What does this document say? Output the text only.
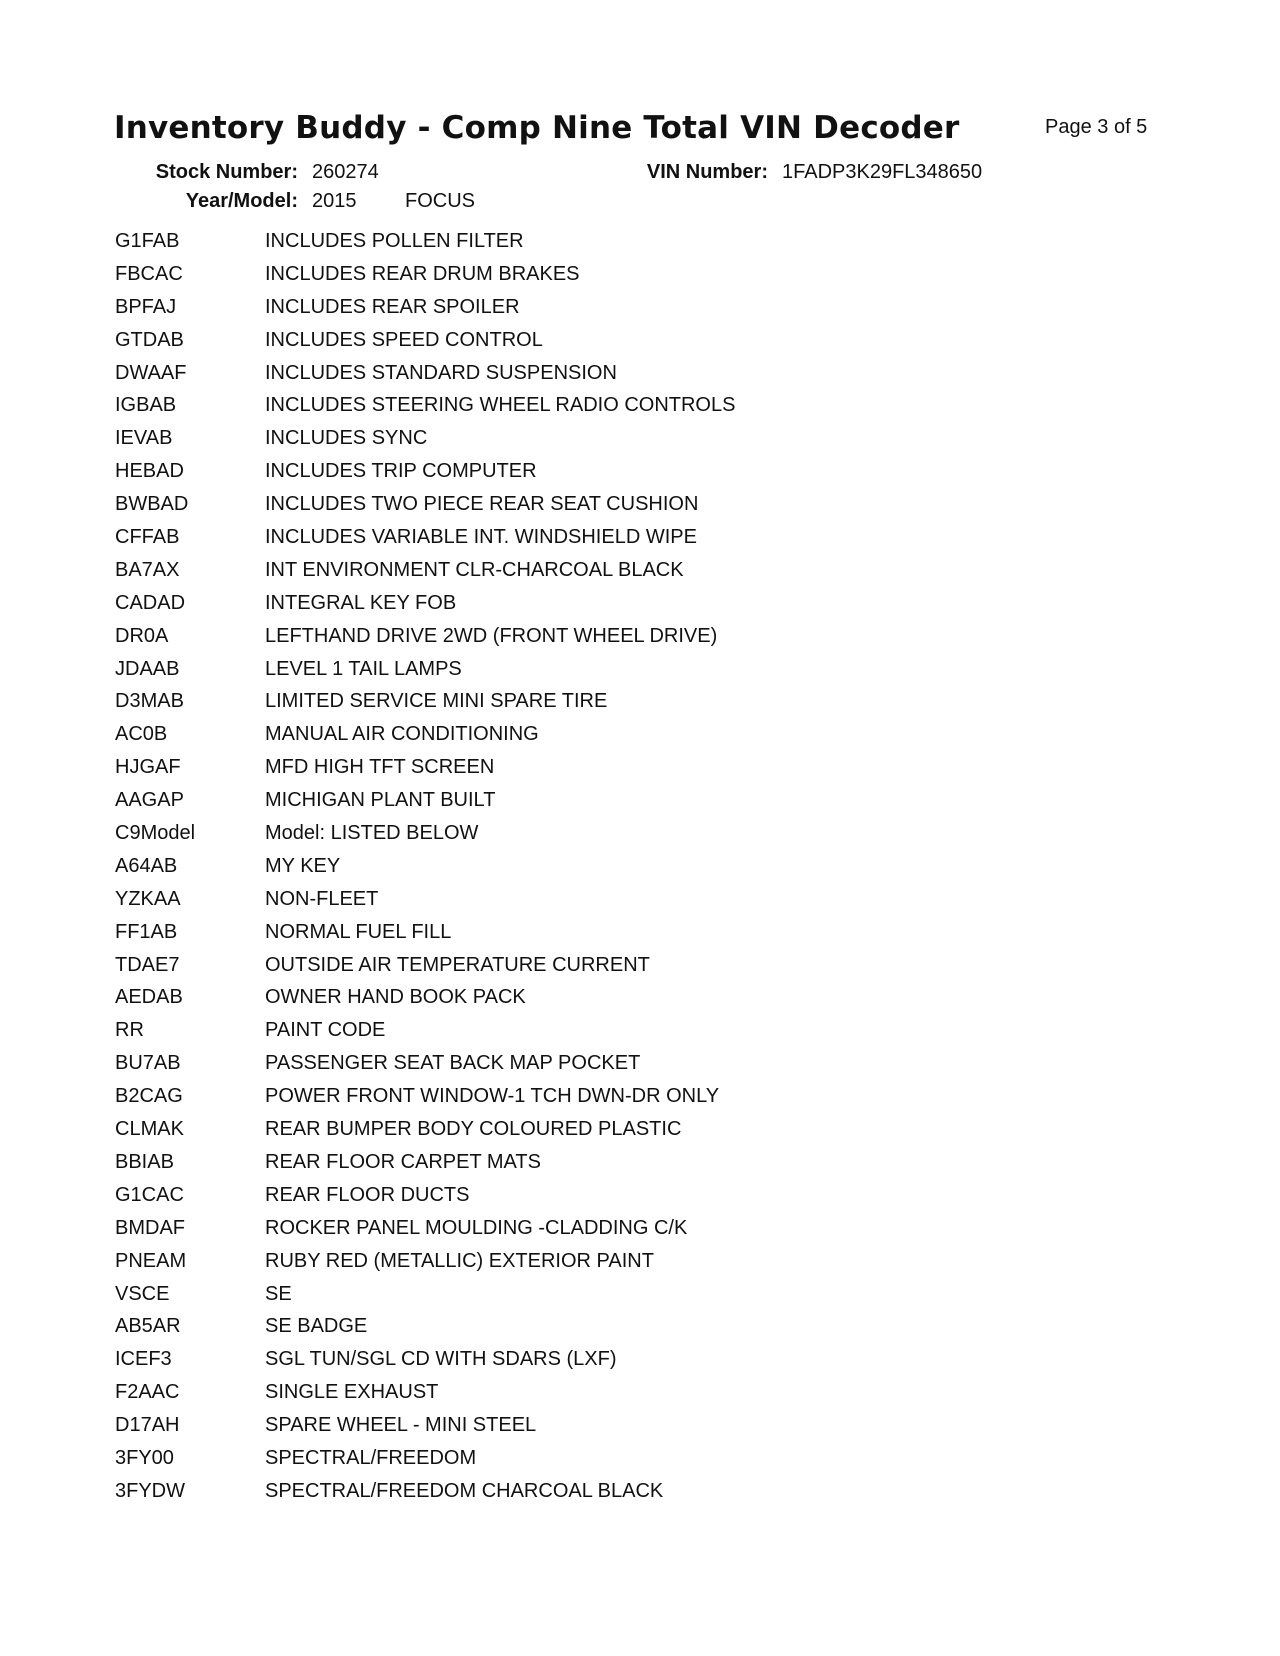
Inventory Buddy - Comp Nine Total VIN Decoder	Page 3 of 5
Stock Number: 260274	VIN Number: 1FADP3K29FL348650
Year/Model: 2015 FOCUS
G1FAB	INCLUDES POLLEN FILTER
FBCAC	INCLUDES REAR DRUM BRAKES
BPFAJ	INCLUDES REAR SPOILER
GTDAB	INCLUDES SPEED CONTROL
DWAAF	INCLUDES STANDARD SUSPENSION
IGBAB	INCLUDES STEERING WHEEL RADIO CONTROLS
IEVAB	INCLUDES SYNC
HEBAD	INCLUDES TRIP COMPUTER
BWBAD	INCLUDES TWO PIECE REAR SEAT CUSHION
CFFAB	INCLUDES VARIABLE INT. WINDSHIELD WIPE
BA7AX	INT ENVIRONMENT CLR-CHARCOAL BLACK
CADAD	INTEGRAL KEY FOB
DR0A	LEFTHAND DRIVE 2WD (FRONT WHEEL DRIVE)
JDAAB	LEVEL 1 TAIL LAMPS
D3MAB	LIMITED SERVICE MINI SPARE TIRE
AC0B	MANUAL AIR CONDITIONING
HJGAF	MFD HIGH TFT SCREEN
AAGAP	MICHIGAN PLANT BUILT
C9Model	Model: LISTED BELOW
A64AB	MY KEY
YZKAA	NON-FLEET
FF1AB	NORMAL FUEL FILL
TDAE7	OUTSIDE AIR TEMPERATURE CURRENT
AEDAB	OWNER HAND BOOK PACK
RR	PAINT CODE
BU7AB	PASSENGER SEAT BACK MAP POCKET
B2CAG	POWER FRONT WINDOW-1 TCH DWN-DR ONLY
CLMAK	REAR BUMPER BODY COLOURED PLASTIC
BBIAB	REAR FLOOR CARPET MATS
G1CAC	REAR FLOOR DUCTS
BMDAF	ROCKER PANEL MOULDING -CLADDING C/K
PNEAM	RUBY RED (METALLIC) EXTERIOR PAINT
VSCE	SE
AB5AR	SE BADGE
ICEF3	SGL TUN/SGL CD WITH SDARS (LXF)
F2AAC	SINGLE EXHAUST
D17AH	SPARE WHEEL - MINI STEEL
3FY00	SPECTRAL/FREEDOM
3FYDW	SPECTRAL/FREEDOM CHARCOAL BLACK
